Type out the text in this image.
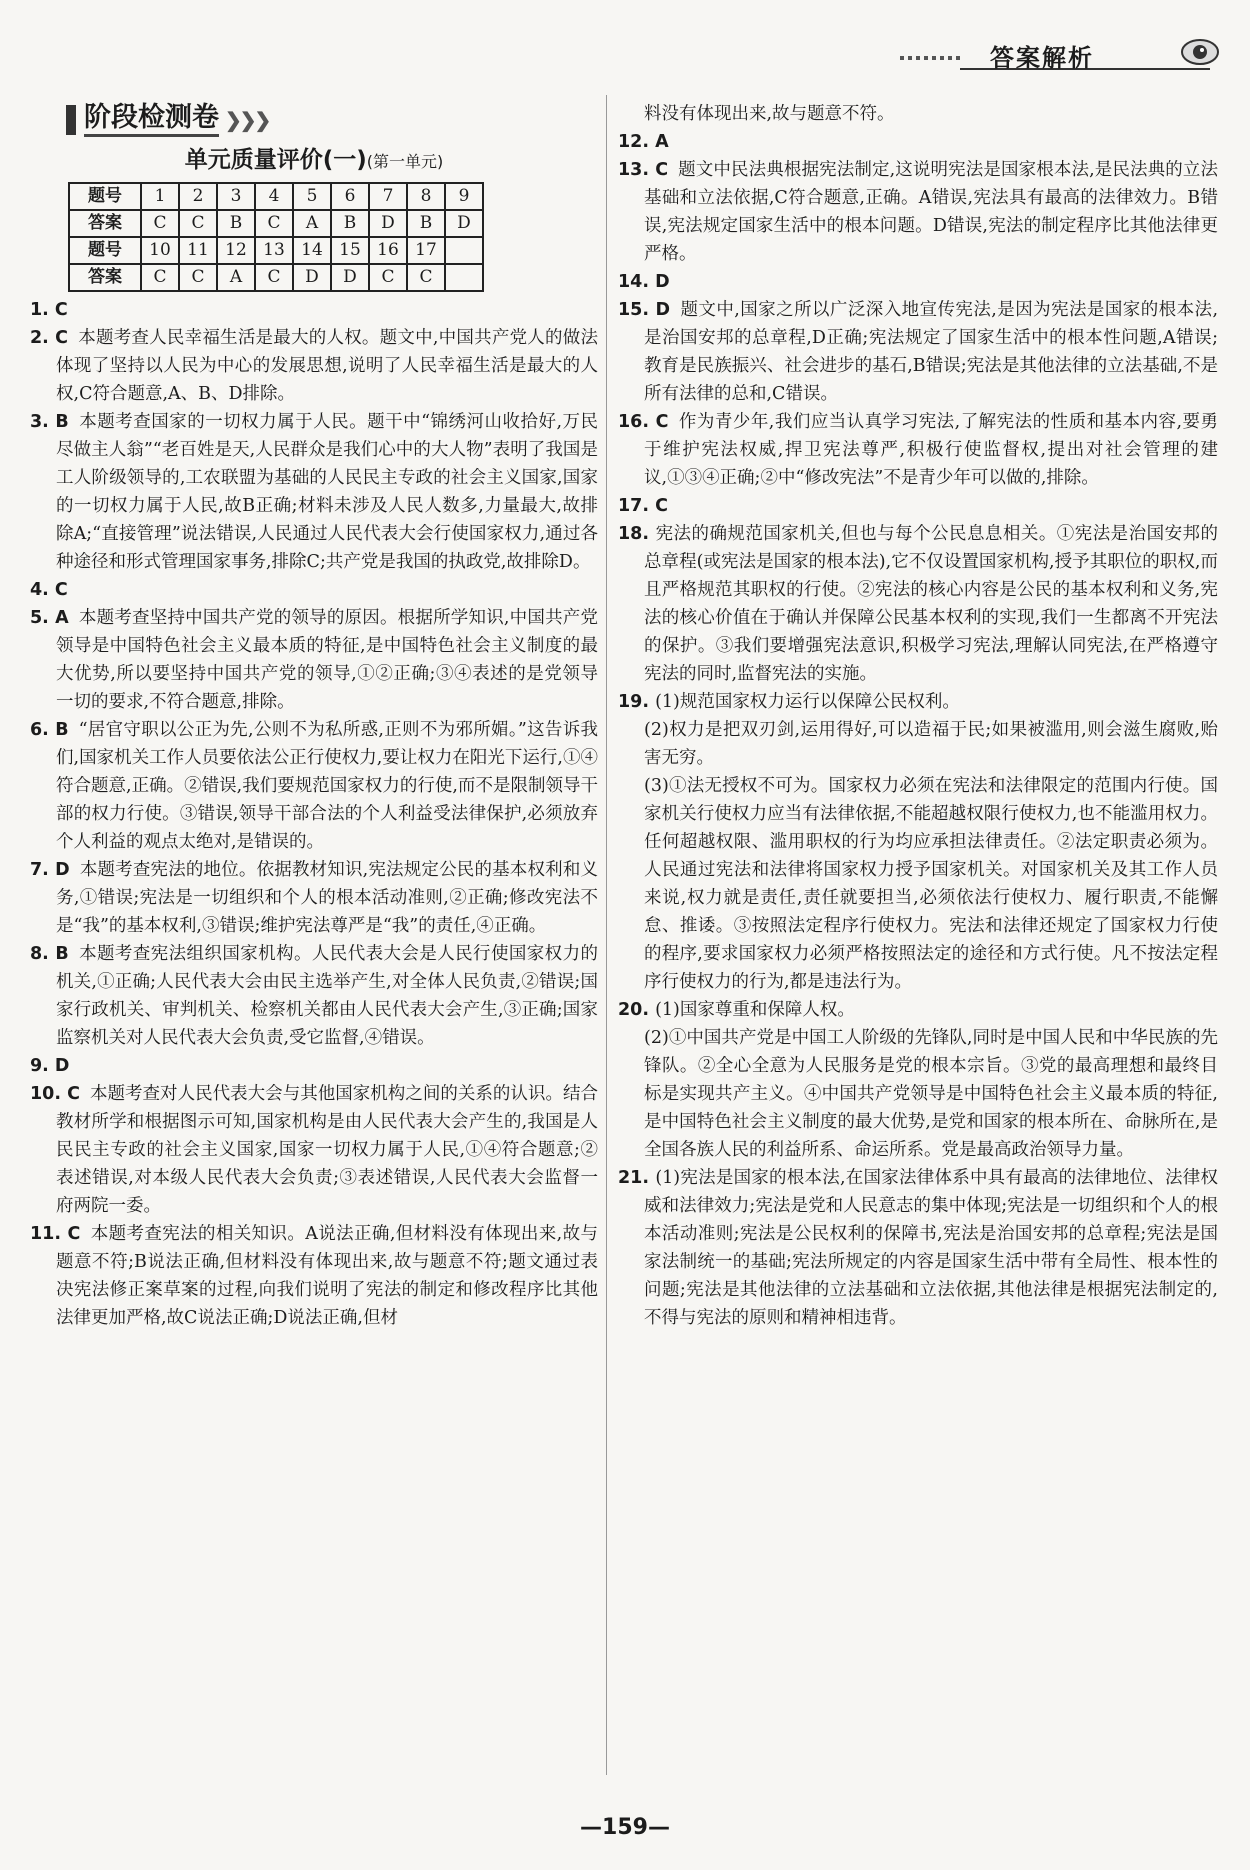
答案解析
阶段检测卷 ❯❯❯
单元质量评价(一)(第一单元)
题号	1	2	3	4	5	6	7	8	9
答案	C	C	B	C	A	B	D	B	D
题号	10	11	12	13	14	15	16	17	
答案	C	C	A	C	D	D	C	C	
1. C
2. C 本题考查人民幸福生活是最大的人权。题文中,中国共产党人的做法体现了坚持以人民为中心的发展思想,说明了人民幸福生活是最大的人权,C符合题意,A、B、D排除。
3. B 本题考查国家的一切权力属于人民。题干中“锦绣河山收拾好,万民尽做主人翁”“老百姓是天,人民群众是我们心中的大人物”表明了我国是工人阶级领导的,工农联盟为基础的人民民主专政的社会主义国家,国家的一切权力属于人民,故B正确;材料未涉及人民人数多,力量最大,故排除A;“直接管理”说法错误,人民通过人民代表大会行使国家权力,通过各种途径和形式管理国家事务,排除C;共产党是我国的执政党,故排除D。
4. C
5. A 本题考查坚持中国共产党的领导的原因。根据所学知识,中国共产党领导是中国特色社会主义最本质的特征,是中国特色社会主义制度的最大优势,所以要坚持中国共产党的领导,①②正确;③④表述的是党领导一切的要求,不符合题意,排除。
6. B “居官守职以公正为先,公则不为私所惑,正则不为邪所媚。”这告诉我们,国家机关工作人员要依法公正行使权力,要让权力在阳光下运行,①④符合题意,正确。②错误,我们要规范国家权力的行使,而不是限制领导干部的权力行使。③错误,领导干部合法的个人利益受法律保护,必须放弃个人利益的观点太绝对,是错误的。
7. D 本题考查宪法的地位。依据教材知识,宪法规定公民的基本权利和义务,①错误;宪法是一切组织和个人的根本活动准则,②正确;修改宪法不是“我”的基本权利,③错误;维护宪法尊严是“我”的责任,④正确。
8. B 本题考查宪法组织国家机构。人民代表大会是人民行使国家权力的机关,①正确;人民代表大会由民主选举产生,对全体人民负责,②错误;国家行政机关、审判机关、检察机关都由人民代表大会产生,③正确;国家监察机关对人民代表大会负责,受它监督,④错误。
9. D
10. C 本题考查对人民代表大会与其他国家机构之间的关系的认识。结合教材所学和根据图示可知,国家机构是由人民代表大会产生的,我国是人民民主专政的社会主义国家,国家一切权力属于人民,①④符合题意;②表述错误,对本级人民代表大会负责;③表述错误,人民代表大会监督一府两院一委。
11. C 本题考查宪法的相关知识。A说法正确,但材料没有体现出来,故与题意不符;B说法正确,但材料没有体现出来,故与题意不符;题文通过表决宪法修正案草案的过程,向我们说明了宪法的制定和修改程序比其他法律更加严格,故C说法正确;D说法正确,但材
料没有体现出来,故与题意不符。
12. A
13. C 题文中民法典根据宪法制定,这说明宪法是国家根本法,是民法典的立法基础和立法依据,C符合题意,正确。A错误,宪法具有最高的法律效力。B错误,宪法规定国家生活中的根本问题。D错误,宪法的制定程序比其他法律更严格。
14. D
15. D 题文中,国家之所以广泛深入地宣传宪法,是因为宪法是国家的根本法,是治国安邦的总章程,D正确;宪法规定了国家生活中的根本性问题,A错误;教育是民族振兴、社会进步的基石,B错误;宪法是其他法律的立法基础,不是所有法律的总和,C错误。
16. C 作为青少年,我们应当认真学习宪法,了解宪法的性质和基本内容,要勇于维护宪法权威,捍卫宪法尊严,积极行使监督权,提出对社会管理的建议,①③④正确;②中“修改宪法”不是青少年可以做的,排除。
17. C
18. 宪法的确规范国家机关,但也与每个公民息息相关。①宪法是治国安邦的总章程(或宪法是国家的根本法),它不仅设置国家机构,授予其职位的职权,而且严格规范其职权的行使。②宪法的核心内容是公民的基本权利和义务,宪法的核心价值在于确认并保障公民基本权利的实现,我们一生都离不开宪法的保护。③我们要增强宪法意识,积极学习宪法,理解认同宪法,在严格遵守宪法的同时,监督宪法的实施。
19. (1)规范国家权力运行以保障公民权利。
(2)权力是把双刃剑,运用得好,可以造福于民;如果被滥用,则会滋生腐败,贻害无穷。
(3)①法无授权不可为。国家权力必须在宪法和法律限定的范围内行使。国家机关行使权力应当有法律依据,不能超越权限行使权力,也不能滥用权力。任何超越权限、滥用职权的行为均应承担法律责任。②法定职责必须为。人民通过宪法和法律将国家权力授予国家机关。对国家机关及其工作人员来说,权力就是责任,责任就要担当,必须依法行使权力、履行职责,不能懈怠、推诿。③按照法定程序行使权力。宪法和法律还规定了国家权力行使的程序,要求国家权力必须严格按照法定的途径和方式行使。凡不按法定程序行使权力的行为,都是违法行为。
20. (1)国家尊重和保障人权。
(2)①中国共产党是中国工人阶级的先锋队,同时是中国人民和中华民族的先锋队。②全心全意为人民服务是党的根本宗旨。③党的最高理想和最终目标是实现共产主义。④中国共产党领导是中国特色社会主义最本质的特征,是中国特色社会主义制度的最大优势,是党和国家的根本所在、命脉所在,是全国各族人民的利益所系、命运所系。党是最高政治领导力量。
21. (1)宪法是国家的根本法,在国家法律体系中具有最高的法律地位、法律权威和法律效力;宪法是党和人民意志的集中体现;宪法是一切组织和个人的根本活动准则;宪法是公民权利的保障书,宪法是治国安邦的总章程;宪法是国家法制统一的基础;宪法所规定的内容是国家生活中带有全局性、根本性的问题;宪法是其他法律的立法基础和立法依据,其他法律是根据宪法制定的,不得与宪法的原则和精神相违背。
—159—
